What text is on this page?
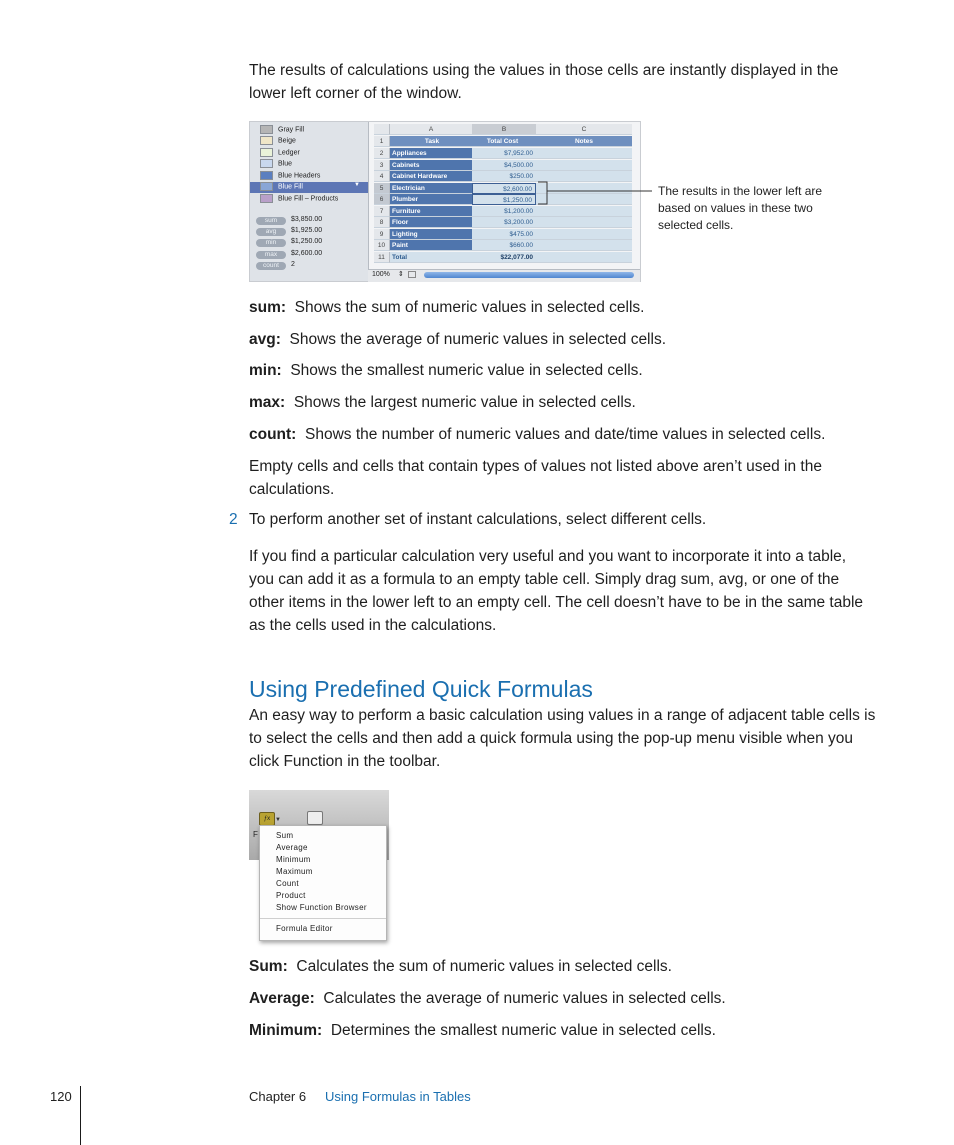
The results of calculations using the values in those cells are instantly displayed in the lower left corner of the window.
Gray Fill
Beige
Ledger
Blue
Blue Headers
Blue Fill	▼
Blue Fill – Products
sum	$3,850.00
avg	$1,925.00
min	$1,250.00
max	$2,600.00
count	2
A	B	C
1	Task	Total Cost	Notes
2	Appliances	$7,952.00
3	Cabinets	$4,500.00
4	Cabinet Hardware	$250.00
5	Electrician	$2,600.00
6	Plumber	$1,250.00
7	Furniture	$1,200.00
8	Floor	$3,200.00
9	Lighting	$475.00
10	Paint	$660.00
11	Total	$22,077.00
100% ⇕
The results in the lower left are based on values in these two selected cells.
sum: Shows the sum of numeric values in selected cells.
avg: Shows the average of numeric values in selected cells.
min: Shows the smallest numeric value in selected cells.
max: Shows the largest numeric value in selected cells.
count: Shows the number of numeric values and date/time values in selected cells.
Empty cells and cells that contain types of values not listed above aren’t used in the calculations.
2 To perform another set of instant calculations, select different cells.
If you find a particular calculation very useful and you want to incorporate it into a table, you can add it as a formula to an empty table cell. Simply drag sum, avg, or one of the other items in the lower left to an empty cell. The cell doesn’t have to be in the same table as the cells used in the calculations.
Using Predefined Quick Formulas
An easy way to perform a basic calculation using values in a range of adjacent table cells is to select the cells and then add a quick formula using the pop-up menu visible when you click Function in the toolbar.
ƒx ▼
F Sum
Average
Minimum
Maximum
Count
Product
Show Function Browser
Formula Editor
Sum: Calculates the sum of numeric values in selected cells.
Average: Calculates the average of numeric values in selected cells.
Minimum: Determines the smallest numeric value in selected cells.
120	Chapter 6 Using Formulas in Tables
